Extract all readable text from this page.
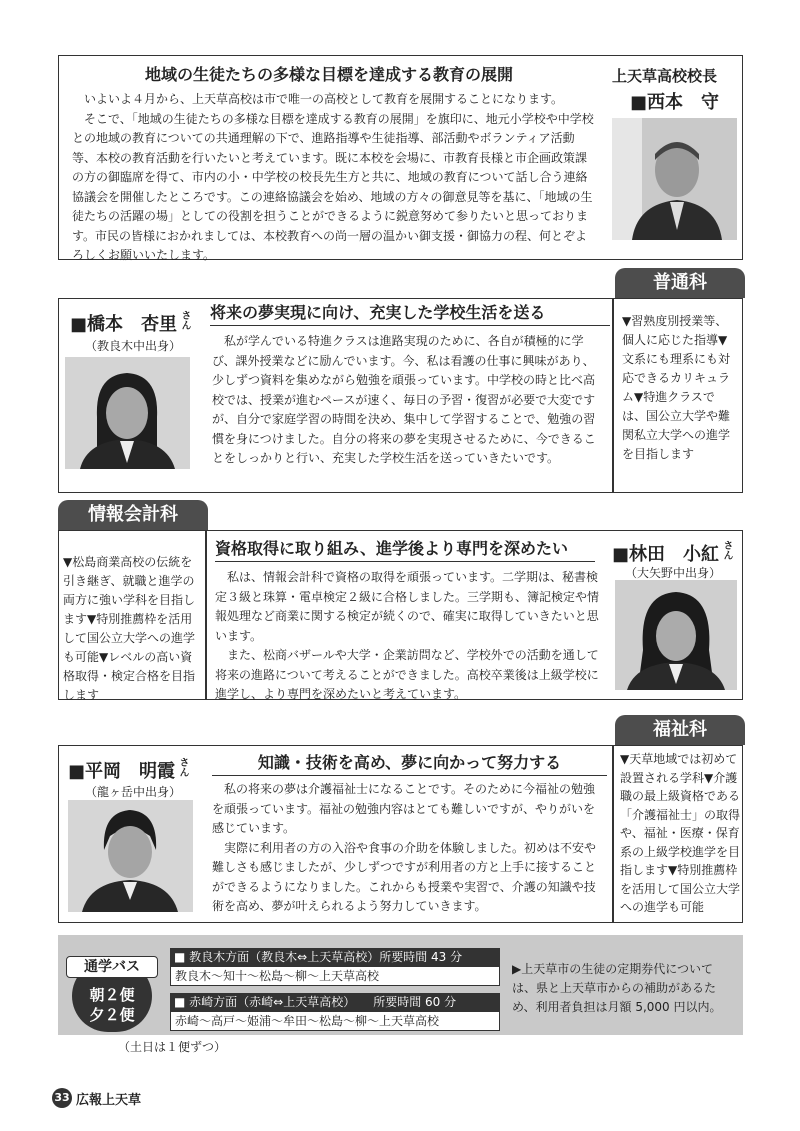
地域の生徒たちの多様な目標を達成する教育の展開

いよいよ４月から、上天草高校は市で唯一の高校として教育を展開することになります。

そこで、「地域の生徒たちの多様な目標を達成する教育の展開」を旗印に、地元小学校や中学校との地域の教育についての共通理解の下で、進路指導や生徒指導、部活動やボランティア活動等、本校の教育活動を行いたいと考えています。既に本校を会場に、市教育長様と市企画政策課の方の御臨席を得て、市内の小・中学校の校長先生方と共に、地域の教育について話し合う連絡協議会を開催したところです。この連絡協議会を始め、地域の方々の御意見等を基に、「地域の生徒たちの活躍の場」としての役割を担うことができるように鋭意努めて参りたいと思っております。市民の皆様におかれましては、本校教育への尚一層の温かい御支援・御協力の程、何とぞよろしくお願いいたします。

上天草高校校長
■西本　守
普通科
将来の夢実現に向け、充実した学校生活を送る
■橋本　杏里 さん
（教良木中出身）	私が学んでいる特進クラスは進路実現のために、各自が積極的に学び、課外授業などに励んでいます。今、私は看護の仕事に興味があり、少しずつ資料を集めながら勉強を頑張っています。中学校の時と比べ高校では、授業が進むペースが速く、毎日の予習・復習が必要で大変ですが、自分で家庭学習の時間を決め、集中して学習することで、勉強の習慣を身につけました。自分の将来の夢を実現させるために、今できることをしっかりと行い、充実した学校生活を送っていきたいです。

▼習熟度別授業等、個人に応じた指導▼文系にも理系にも対応できるカリキュラム▼特進クラスでは、国公立大学や難関私立大学への進学を目指します
情報会計科
▼松島商業高校の伝統を引き継ぎ、就職と進学の両方に強い学科を目指します▼特別推薦枠を活用して国公立大学への進学も可能▼レベルの高い資格取得・検定合格を目指します
資格取得に取り組み、進学後より専門を深めたい

私は、情報会計科で資格の取得を頑張っています。二学期は、秘書検定３級と珠算・電卓検定２級に合格しました。三学期も、簿記検定や情報処理など商業に関する検定が続くので、確実に取得していきたいと思います。

また、松商バザールや大学・企業訪問など、学校外での活動を通して将来の進路について考えることができました。高校卒業後は上級学校に進学し、より専門を深めたいと考えています。

■林田　小紅 さん
（大矢野中出身）
福祉科
■平岡　明霞 さん
（龍ヶ岳中出身）
知識・技術を高め、夢に向かって努力する

私の将来の夢は介護福祉士になることです。そのために今福祉の勉強を頑張っています。福祉の勉強内容はとても難しいですが、やりがいを感じています。

実際に利用者の方の入浴や食事の介助を体験しました。初めは不安や難しさも感じましたが、少しずつですが利用者の方と上手に接することができるようになりました。これからも授業や実習で、介護の知識や技術を高め、夢が叶えられるよう努力していきます。

▼天草地域では初めて設置される学科▼介護職の最上級資格である「介護福祉士」の取得や、福祉・医療・保育系の上級学校進学を目指します▼特別推薦枠を活用して国公立大学への進学も可能
通学バス
朝２便
夕２便
（土日は１便ずつ）
■ 教良木方面（教良木⇔上天草高校）所要時間 43 分
教良木〜知十〜松島〜柳〜上天草高校
■ 赤崎方面（赤崎⇔上天草高校）　　所要時間 60 分
赤崎〜高戸〜姫浦〜牟田〜松島〜柳〜上天草高校
▶上天草市の生徒の定期券代については、県と上天草市からの補助があるため、利用者負担は月額 5,000 円以内。
33 広報上天草
